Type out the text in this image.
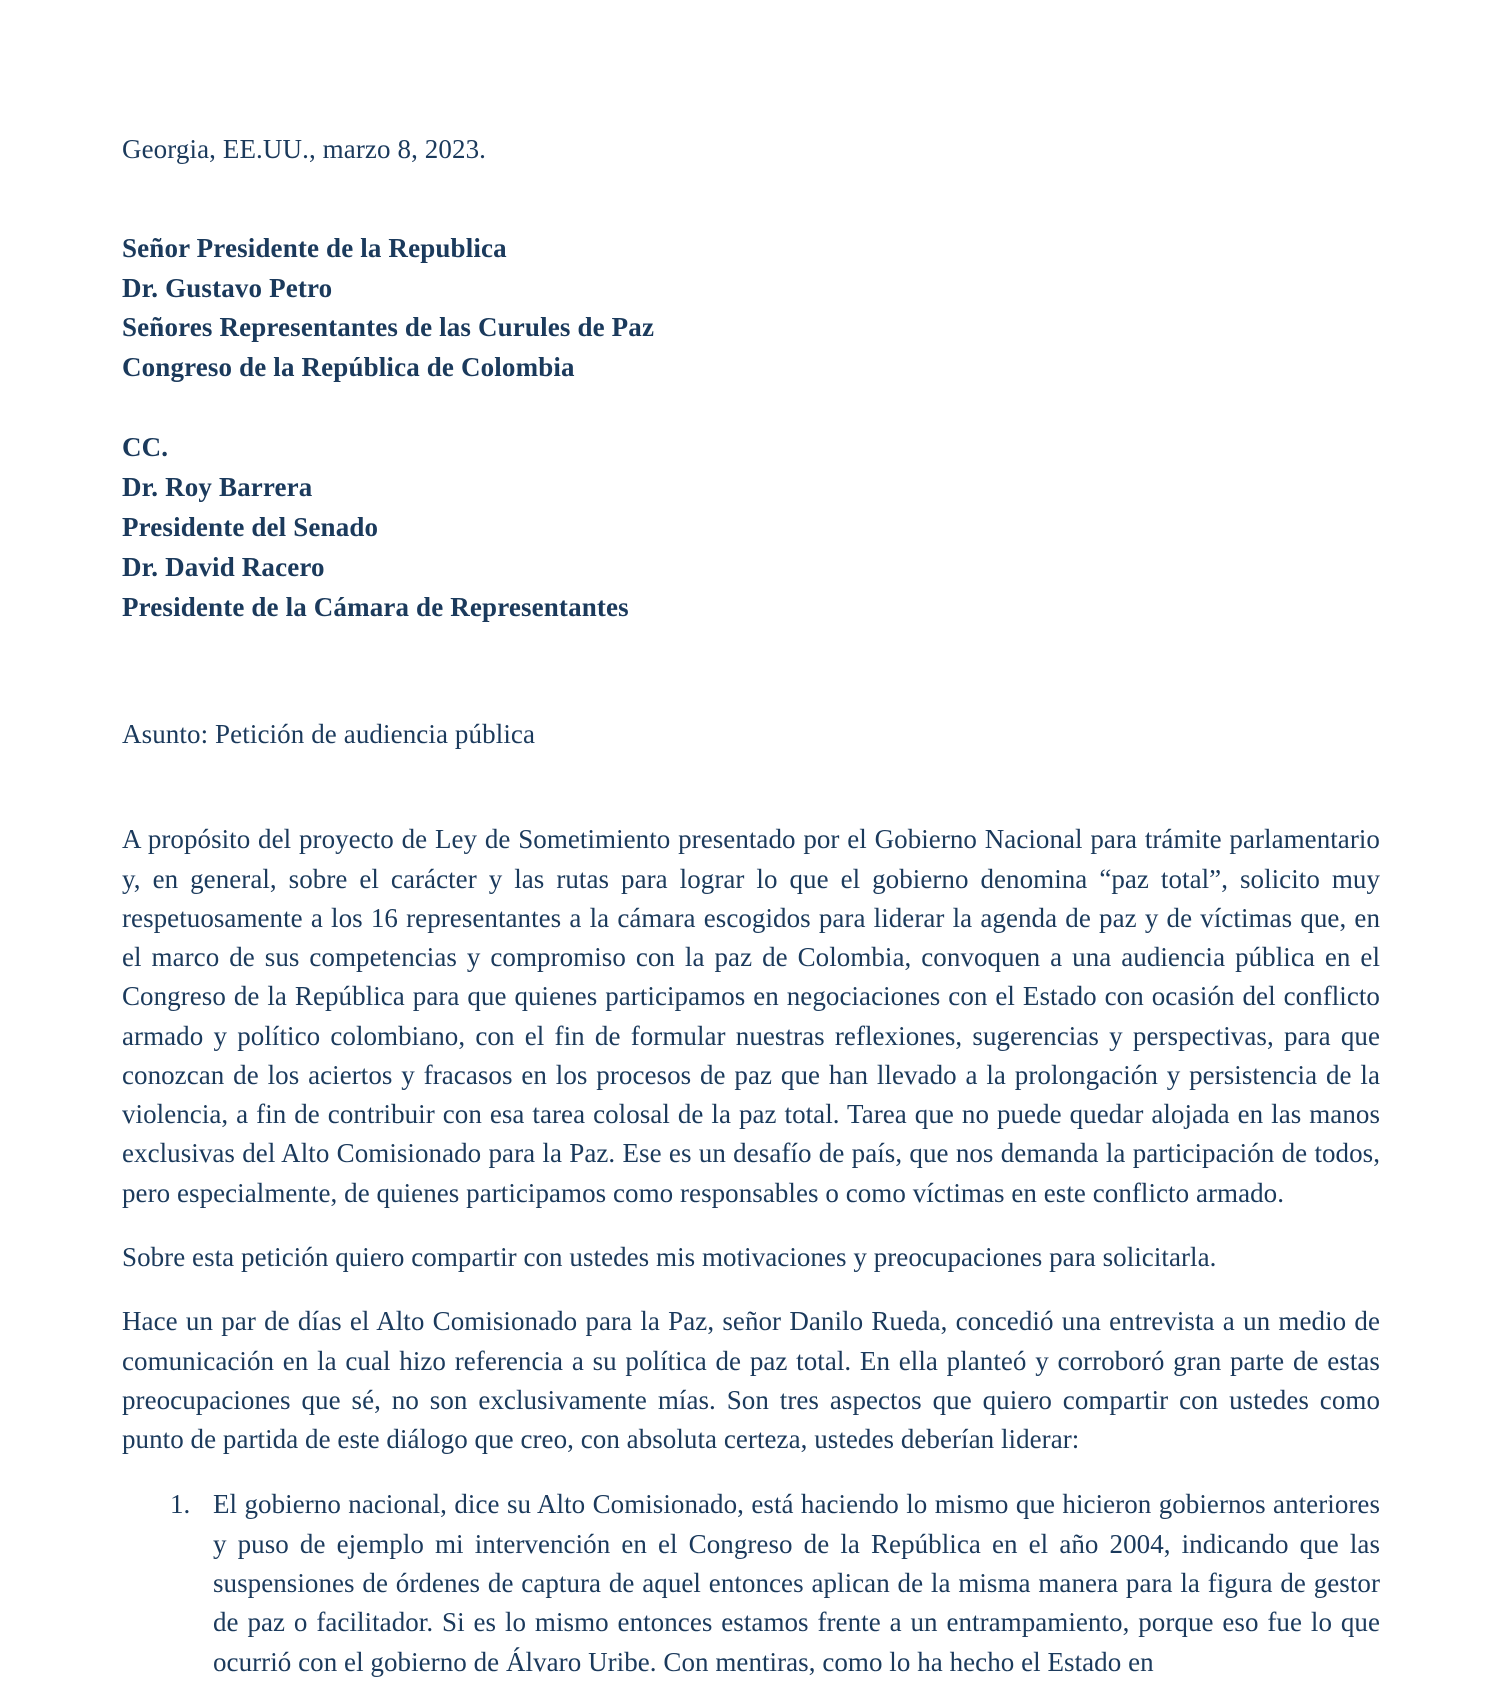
Georgia, EE.UU., marzo 8, 2023.

Señor Presidente de la Republica
Dr. Gustavo Petro
Señores Representantes de las Curules de Paz
Congreso de la República de Colombia
CC.
Dr. Roy Barrera
Presidente del Senado
Dr. David Racero
Presidente de la Cámara de Representantes

Asunto: Petición de audiencia pública

A propósito del proyecto de Ley de Sometimiento presentado por el Gobierno Nacional para trámite parlamentario y, en general, sobre el carácter y las rutas para lograr lo que el gobierno denomina “paz total”, solicito muy respetuosamente a los 16 representantes a la cámara escogidos para liderar la agenda de paz y de víctimas que, en el marco de sus competencias y compromiso con la paz de Colombia, convoquen a una audiencia pública en el Congreso de la República para que quienes participamos en negociaciones con el Estado con ocasión del conflicto armado y político colombiano, con el fin de formular nuestras reflexiones, sugerencias y perspectivas, para que conozcan de los aciertos y fracasos en los procesos de paz que han llevado a la prolongación y persistencia de la violencia, a fin de contribuir con esa tarea colosal de la paz total. Tarea que no puede quedar alojada en las manos exclusivas del Alto Comisionado para la Paz. Ese es un desafío de país, que nos demanda la participación de todos, pero especialmente, de quienes participamos como responsables o como víctimas en este conflicto armado.

Sobre esta petición quiero compartir con ustedes mis motivaciones y preocupaciones para solicitarla.

Hace un par de días el Alto Comisionado para la Paz, señor Danilo Rueda, concedió una entrevista a un medio de comunicación en la cual hizo referencia a su política de paz total. En ella planteó y corroboró gran parte de estas preocupaciones que sé, no son exclusivamente mías. Son tres aspectos que quiero compartir con ustedes como punto de partida de este diálogo que creo, con absoluta certeza, ustedes deberían liderar:

1. El gobierno nacional, dice su Alto Comisionado, está haciendo lo mismo que hicieron gobiernos anteriores y puso de ejemplo mi intervención en el Congreso de la República en el año 2004, indicando que las suspensiones de órdenes de captura de aquel entonces aplican de la misma manera para la figura de gestor de paz o facilitador. Si es lo mismo entonces estamos frente a un entrampamiento, porque eso fue lo que ocurrió con el gobierno de Álvaro Uribe. Con mentiras, como lo ha hecho el Estado en
